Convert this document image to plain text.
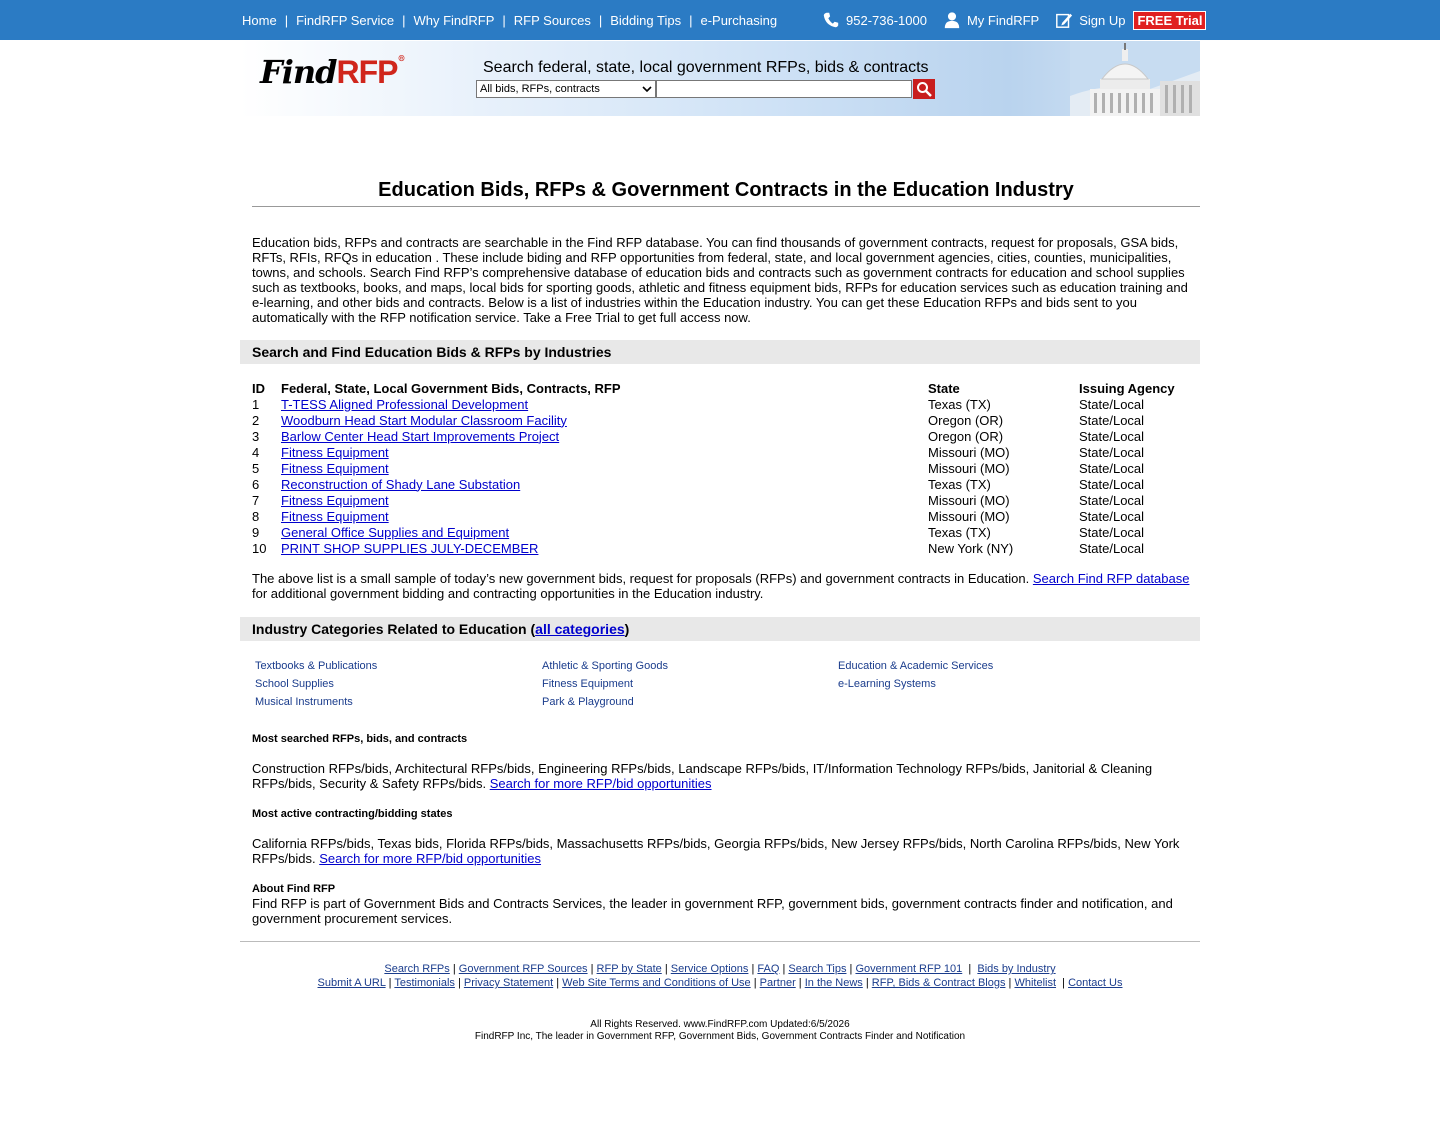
Home | FindRFP Service | Why FindRFP | RFP Sources | Bidding Tips | e-Purchasing	952-736-1000	My FindRFP	Sign Up FREE Trial
FindRFP®
Search federal, state, local government RFPs, bids & contracts
All bids, RFPs, contracts
Education Bids, RFPs & Government Contracts in the Education Industry

Education bids, RFPs and contracts are searchable in the Find RFP database. You can find thousands of government contracts, request for proposals, GSA bids, RFTs, RFIs, RFQs in education . These include biding and RFP opportunities from federal, state, and local government agencies, cities, counties, municipalities, towns, and schools. Search Find RFP’s comprehensive database of education bids and contracts such as government contracts for education and school supplies such as textbooks, books, and maps, local bids for sporting goods, athletic and fitness equipment bids, RFPs for education services such as education training and e-learning, and other bids and contracts. Below is a list of industries within the Education industry. You can get these Education RFPs and bids sent to you automatically with the RFP notification service. Take a Free Trial to get full access now.

Search and Find Education Bids & RFPs by Industries
ID	Federal, State, Local Government Bids, Contracts, RFP	State	Issuing Agency
1	T-TESS Aligned Professional Development	Texas (TX)	State/Local
2	Woodburn Head Start Modular Classroom Facility	Oregon (OR)	State/Local
3	Barlow Center Head Start Improvements Project	Oregon (OR)	State/Local
4	Fitness Equipment	Missouri (MO)	State/Local
5	Fitness Equipment	Missouri (MO)	State/Local
6	Reconstruction of Shady Lane Substation	Texas (TX)	State/Local
7	Fitness Equipment	Missouri (MO)	State/Local
8	Fitness Equipment	Missouri (MO)	State/Local
9	General Office Supplies and Equipment	Texas (TX)	State/Local
10	PRINT SHOP SUPPLIES JULY-DECEMBER	New York (NY)	State/Local
The above list is a small sample of today’s new government bids, request for proposals (RFPs) and government contracts in Education. Search Find RFP database for additional government bidding and contracting opportunities in the Education industry.
Industry Categories Related to Education (all categories)
Textbooks & Publications
School Supplies
Musical Instruments
Athletic & Sporting Goods
Fitness Equipment
Park & Playground
Education & Academic Services
e-Learning Systems
Most searched RFPs, bids, and contracts
Construction RFPs/bids, Architectural RFPs/bids, Engineering RFPs/bids, Landscape RFPs/bids, IT/Information Technology RFPs/bids, Janitorial & Cleaning RFPs/bids, Security & Safety RFPs/bids. Search for more RFP/bid opportunities
Most active contracting/bidding states
California RFPs/bids, Texas bids, Florida RFPs/bids, Massachusetts RFPs/bids, Georgia RFPs/bids, New Jersey RFPs/bids, North Carolina RFPs/bids, New York RFPs/bids. Search for more RFP/bid opportunities
About Find RFP
Find RFP is part of Government Bids and Contracts Services, the leader in government RFP, government bids, government contracts finder and notification, and government procurement services.
Search RFPs | Government RFP Sources | RFP by State | Service Options | FAQ | Search Tips | Government RFP 101  |  Bids by Industry
Submit A URL | Testimonials | Privacy Statement | Web Site Terms and Conditions of Use | Partner | In the News | RFP, Bids & Contract Blogs | Whitelist  | Contact Us
All Rights Reserved. www.FindRFP.com Updated:6/5/2026
FindRFP Inc, The leader in Government RFP, Government Bids, Government Contracts Finder and Notification
